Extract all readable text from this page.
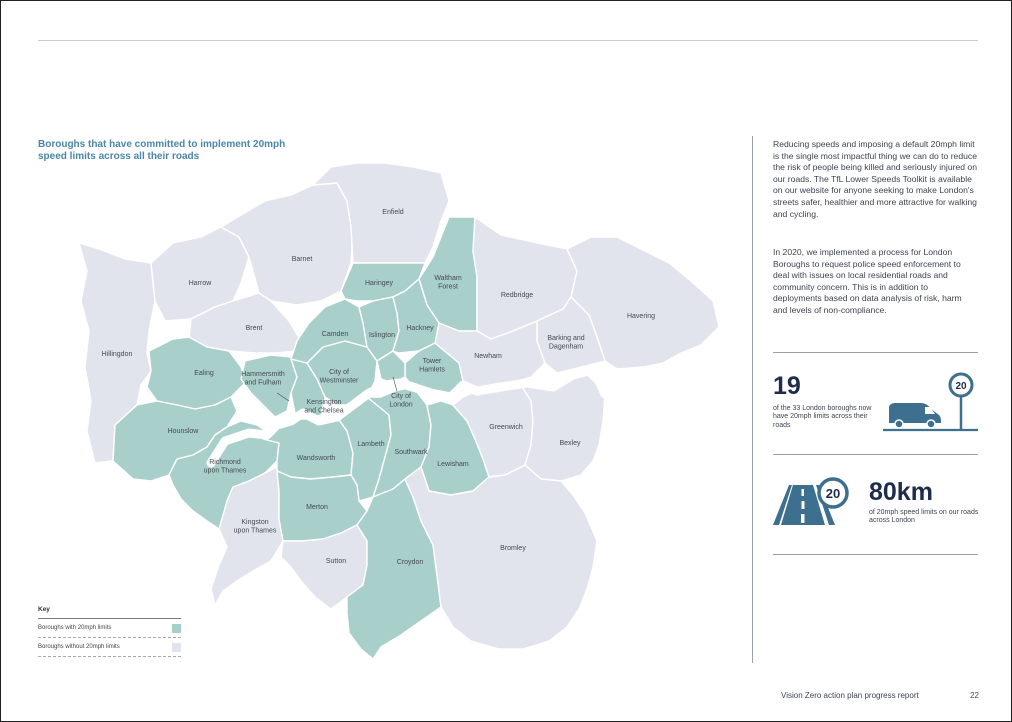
Boroughs that have committed to implement 20mph speed limits across all their roads

Hillingdon
Harrow
Barnet
Enfield
Waltham Forest
Redbridge
Havering
Brent
Ealing
Hounslow
Richmond upon Thames
Kingston upon Thames
Hammersmith and Fulham
Kensington and Chelsea
City of Westminster
Camden
Haringey
Islington
Hackney
Tower Hamlets
City of London
Newham
Barking and Dagenham
Wandsworth
Lambeth
Southwark
Lewisham
Greenwich
Bexley
Merton
Sutton	Croydon
Bromley
Key
Boroughs with 20mph limits
Boroughs without 20mph limits

Reducing speeds and imposing a default 20mph limit is the single most impactful thing we can do to reduce the risk of people being killed and seriously injured on our roads. The TfL Lower Speeds Toolkit is available on our website for anyone seeking to make London's streets safer, healthier and more attractive for walking and cycling.

In 2020, we implemented a process for London Boroughs to request police speed enforcement to deal with issues on local residential roads and community concern. This is in addition to deployments based on data analysis of risk, harm and levels of non-compliance.

19
of the 33 London boroughs now have 20mph limits across their roads
20
20 80km
of 20mph speed limits on our roads across London
Vision Zero action plan progress report	22
